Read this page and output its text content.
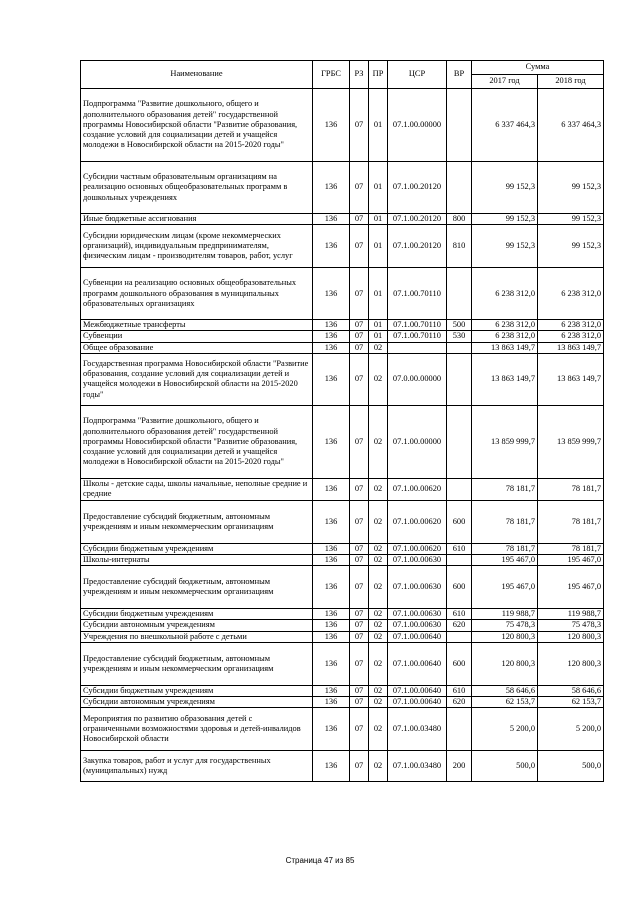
Наименование	ГРБС	РЗ	ПР	ЦСР	ВР	Сумма	
						2017 год	2018 год
Подпрограмма "Развитие дошкольного, общего и дополнительного образования детей" государственной программы Новосибирской области "Развитие образования, создание условий для социализации детей и учащейся молодежи в Новосибирской области на 2015-2020 годы"	136	07	01	07.1.00.00000		6 337 464,3	6 337 464,3
Субсидии частным образовательным организациям на реализацию основных общеобразовательных программ в дошкольных учреждениях	136	07	01	07.1.00.20120		99 152,3	99 152,3
Иные бюджетные ассигнования	136	07	01	07.1.00.20120	800	99 152,3	99 152,3
Субсидии юридическим лицам (кроме некоммерческих организаций), индивидуальным предпринимателям, физическим лицам - производителям товаров, работ, услуг	136	07	01	07.1.00.20120	810	99 152,3	99 152,3
Субвенции на реализацию основных общеобразовательных программ дошкольного образования в муниципальных образовательных организациях	136	07	01	07.1.00.70110		6 238 312,0	6 238 312,0
Межбюджетные трансферты	136	07	01	07.1.00.70110	500	6 238 312,0	6 238 312,0
Субвенции	136	07	01	07.1.00.70110	530	6 238 312,0	6 238 312,0
Общее образование	136	07	02			13 863 149,7	13 863 149,7
Государственная программа Новосибирской области "Развитие образования, создание условий для социализации детей и учащейся молодежи в Новосибирской области на 2015-2020 годы"	136	07	02	07.0.00.00000		13 863 149,7	13 863 149,7
Подпрограмма "Развитие дошкольного, общего и дополнительного образования детей" государственной программы Новосибирской области "Развитие образования, создание условий для социализации детей и учащейся молодежи в Новосибирской области на 2015-2020 годы"	136	07	02	07.1.00.00000		13 859 999,7	13 859 999,7
Школы - детские сады, школы начальные, неполные средние и средние	136	07	02	07.1.00.00620		78 181,7	78 181,7
Предоставление субсидий бюджетным, автономным учреждениям и иным некоммерческим организациям	136	07	02	07.1.00.00620	600	78 181,7	78 181,7
Субсидии бюджетным учреждениям	136	07	02	07.1.00.00620	610	78 181,7	78 181,7
Школы-интернаты	136	07	02	07.1.00.00630		195 467,0	195 467,0
Предоставление субсидий бюджетным, автономным учреждениям и иным некоммерческим организациям	136	07	02	07.1.00.00630	600	195 467,0	195 467,0
Субсидии бюджетным учреждениям	136	07	02	07.1.00.00630	610	119 988,7	119 988,7
Субсидии автономным учреждениям	136	07	02	07.1.00.00630	620	75 478,3	75 478,3
Учреждения по внешкольной работе с детьми	136	07	02	07.1.00.00640		120 800,3	120 800,3
Предоставление субсидий бюджетным, автономным учреждениям и иным некоммерческим организациям	136	07	02	07.1.00.00640	600	120 800,3	120 800,3
Субсидии бюджетным учреждениям	136	07	02	07.1.00.00640	610	58 646,6	58 646,6
Субсидии автономным учреждениям	136	07	02	07.1.00.00640	620	62 153,7	62 153,7
Мероприятия по развитию образования детей с ограниченными возможностями здоровья и детей-инвалидов Новосибирской области	136	07	02	07.1.00.03480		5 200,0	5 200,0
Закупка товаров, работ и услуг для государственных (муниципальных) нужд	136	07	02	07.1.00.03480	200	500,0	500,0
Страница 47 из 85
